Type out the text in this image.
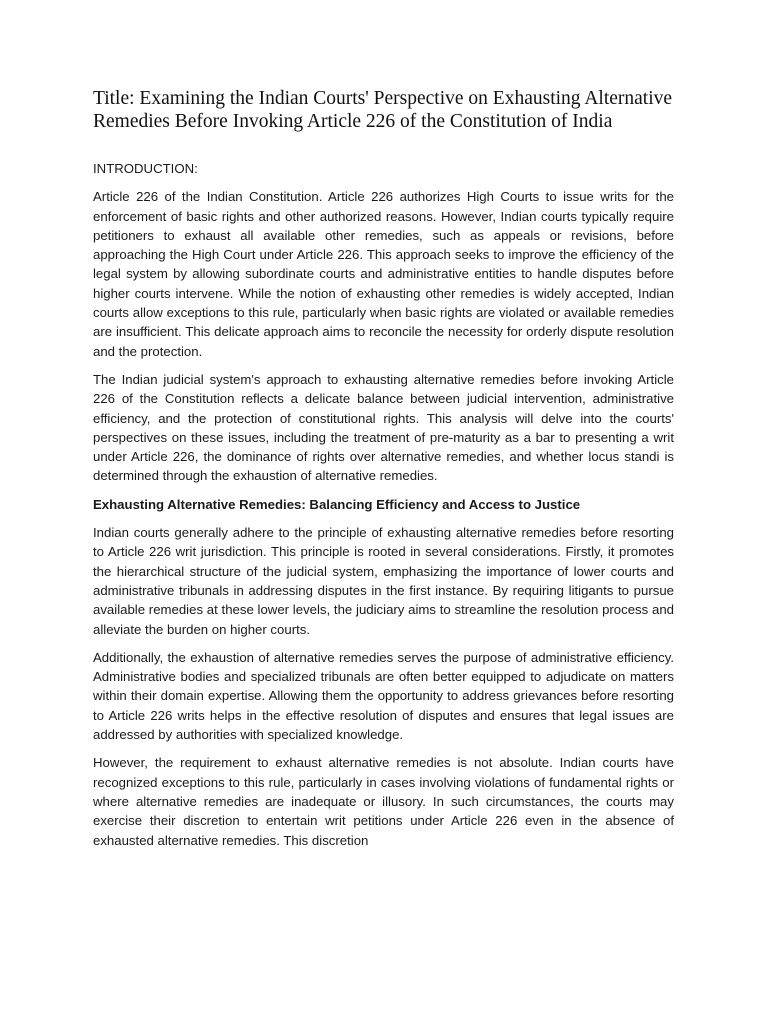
Title: Examining the Indian Courts' Perspective on Exhausting Alternative Remedies Before Invoking Article 226 of the Constitution of India
INTRODUCTION:

Article 226 of the Indian Constitution. Article 226 authorizes High Courts to issue writs for the enforcement of basic rights and other authorized reasons. However, Indian courts typically require petitioners to exhaust all available other remedies, such as appeals or revisions, before approaching the High Court under Article 226. This approach seeks to improve the efficiency of the legal system by allowing subordinate courts and administrative entities to handle disputes before higher courts intervene. While the notion of exhausting other remedies is widely accepted, Indian courts allow exceptions to this rule, particularly when basic rights are violated or available remedies are insufficient. This delicate approach aims to reconcile the necessity for orderly dispute resolution and the protection.

The Indian judicial system's approach to exhausting alternative remedies before invoking Article 226 of the Constitution reflects a delicate balance between judicial intervention, administrative efficiency, and the protection of constitutional rights. This analysis will delve into the courts' perspectives on these issues, including the treatment of pre-maturity as a bar to presenting a writ under Article 226, the dominance of rights over alternative remedies, and whether locus standi is determined through the exhaustion of alternative remedies.

Exhausting Alternative Remedies: Balancing Efficiency and Access to Justice

Indian courts generally adhere to the principle of exhausting alternative remedies before resorting to Article 226 writ jurisdiction. This principle is rooted in several considerations. Firstly, it promotes the hierarchical structure of the judicial system, emphasizing the importance of lower courts and administrative tribunals in addressing disputes in the first instance. By requiring litigants to pursue available remedies at these lower levels, the judiciary aims to streamline the resolution process and alleviate the burden on higher courts.

Additionally, the exhaustion of alternative remedies serves the purpose of administrative efficiency. Administrative bodies and specialized tribunals are often better equipped to adjudicate on matters within their domain expertise. Allowing them the opportunity to address grievances before resorting to Article 226 writs helps in the effective resolution of disputes and ensures that legal issues are addressed by authorities with specialized knowledge.

However, the requirement to exhaust alternative remedies is not absolute. Indian courts have recognized exceptions to this rule, particularly in cases involving violations of fundamental rights or where alternative remedies are inadequate or illusory. In such circumstances, the courts may exercise their discretion to entertain writ petitions under Article 226 even in the absence of exhausted alternative remedies. This discretion
